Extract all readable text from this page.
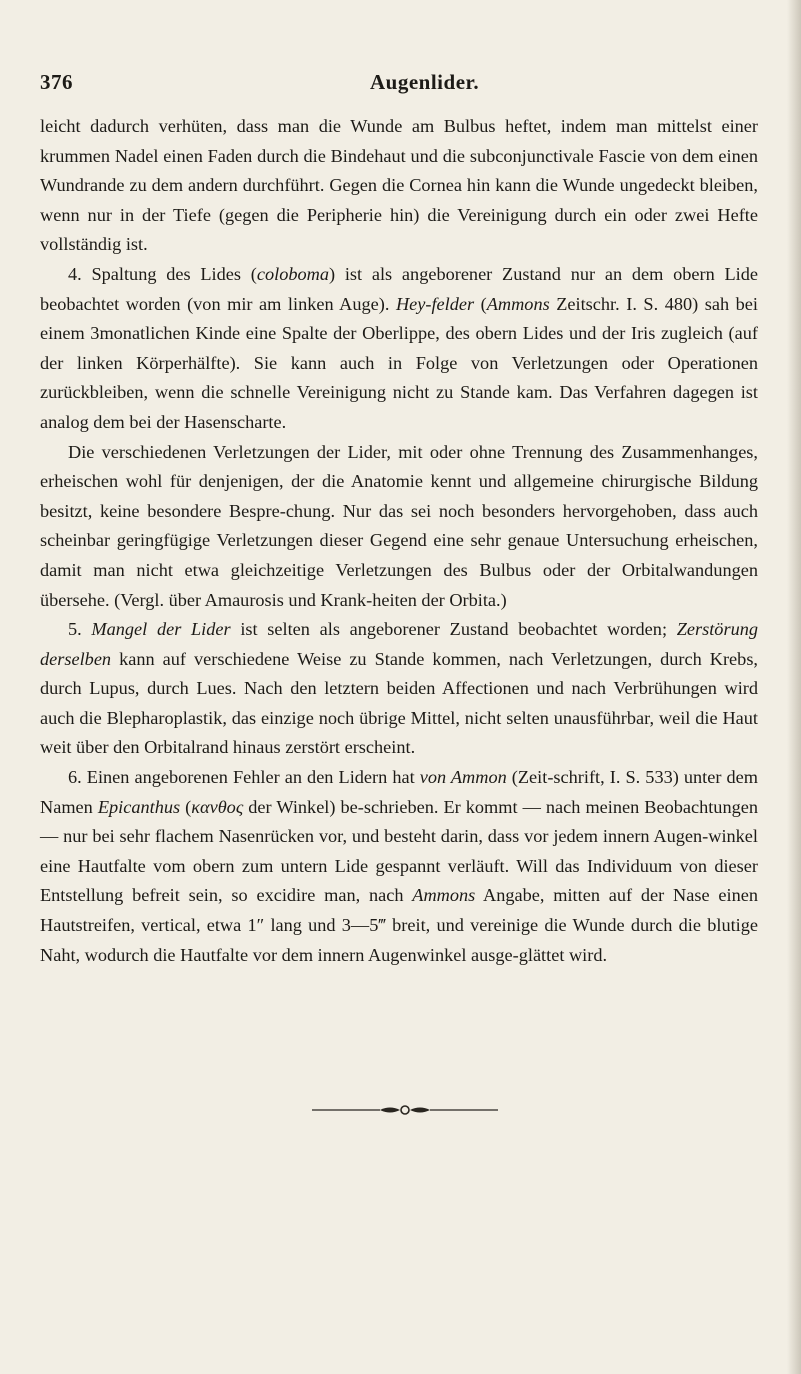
376	Augenlider.

leicht dadurch verhüten, dass man die Wunde am Bulbus heftet, indem man mittelst einer krummen Nadel einen Faden durch die Bindehaut und die subconjunctivale Fascie von dem einen Wundrande zu dem andern durchführt. Gegen die Cornea hin kann die Wunde ungedeckt bleiben, wenn nur in der Tiefe (gegen die Peripherie hin) die Vereinigung durch ein oder zwei Hefte vollständig ist.

4. Spaltung des Lides (coloboma) ist als angeborener Zustand nur an dem obern Lide beobachtet worden (von mir am linken Auge). Hey-felder (Ammons Zeitschr. I. S. 480) sah bei einem 3monatlichen Kinde eine Spalte der Oberlippe, des obern Lides und der Iris zugleich (auf der linken Körperhälfte). Sie kann auch in Folge von Verletzungen oder Operationen zurückbleiben, wenn die schnelle Vereinigung nicht zu Stande kam. Das Verfahren dagegen ist analog dem bei der Hasenscharte.

Die verschiedenen Verletzungen der Lider, mit oder ohne Trennung des Zusammenhanges, erheischen wohl für denjenigen, der die Anatomie kennt und allgemeine chirurgische Bildung besitzt, keine besondere Bespre-chung. Nur das sei noch besonders hervorgehoben, dass auch scheinbar geringfügige Verletzungen dieser Gegend eine sehr genaue Untersuchung erheischen, damit man nicht etwa gleichzeitige Verletzungen des Bulbus oder der Orbitalwandungen übersehe. (Vergl. über Amaurosis und Krank-heiten der Orbita.)

5. Mangel der Lider ist selten als angeborener Zustand beobachtet worden; Zerstörung derselben kann auf verschiedene Weise zu Stande kommen, nach Verletzungen, durch Krebs, durch Lupus, durch Lues. Nach den letztern beiden Affectionen und nach Verbrühungen wird auch die Blepharoplastik, das einzige noch übrige Mittel, nicht selten unausführbar, weil die Haut weit über den Orbitalrand hinaus zerstört erscheint.

6. Einen angeborenen Fehler an den Lidern hat von Ammon (Zeit-schrift, I. S. 533) unter dem Namen Epicanthus (κανθος der Winkel) be-schrieben. Er kommt — nach meinen Beobachtungen — nur bei sehr flachem Nasenrücken vor, und besteht darin, dass vor jedem innern Augen-winkel eine Hautfalte vom obern zum untern Lide gespannt verläuft. Will das Individuum von dieser Entstellung befreit sein, so excidire man, nach Ammons Angabe, mitten auf der Nase einen Hautstreifen, vertical, etwa 1″ lang und 3—5‴ breit, und vereinige die Wunde durch die blutige Naht, wodurch die Hautfalte vor dem innern Augenwinkel ausge-glättet wird.
